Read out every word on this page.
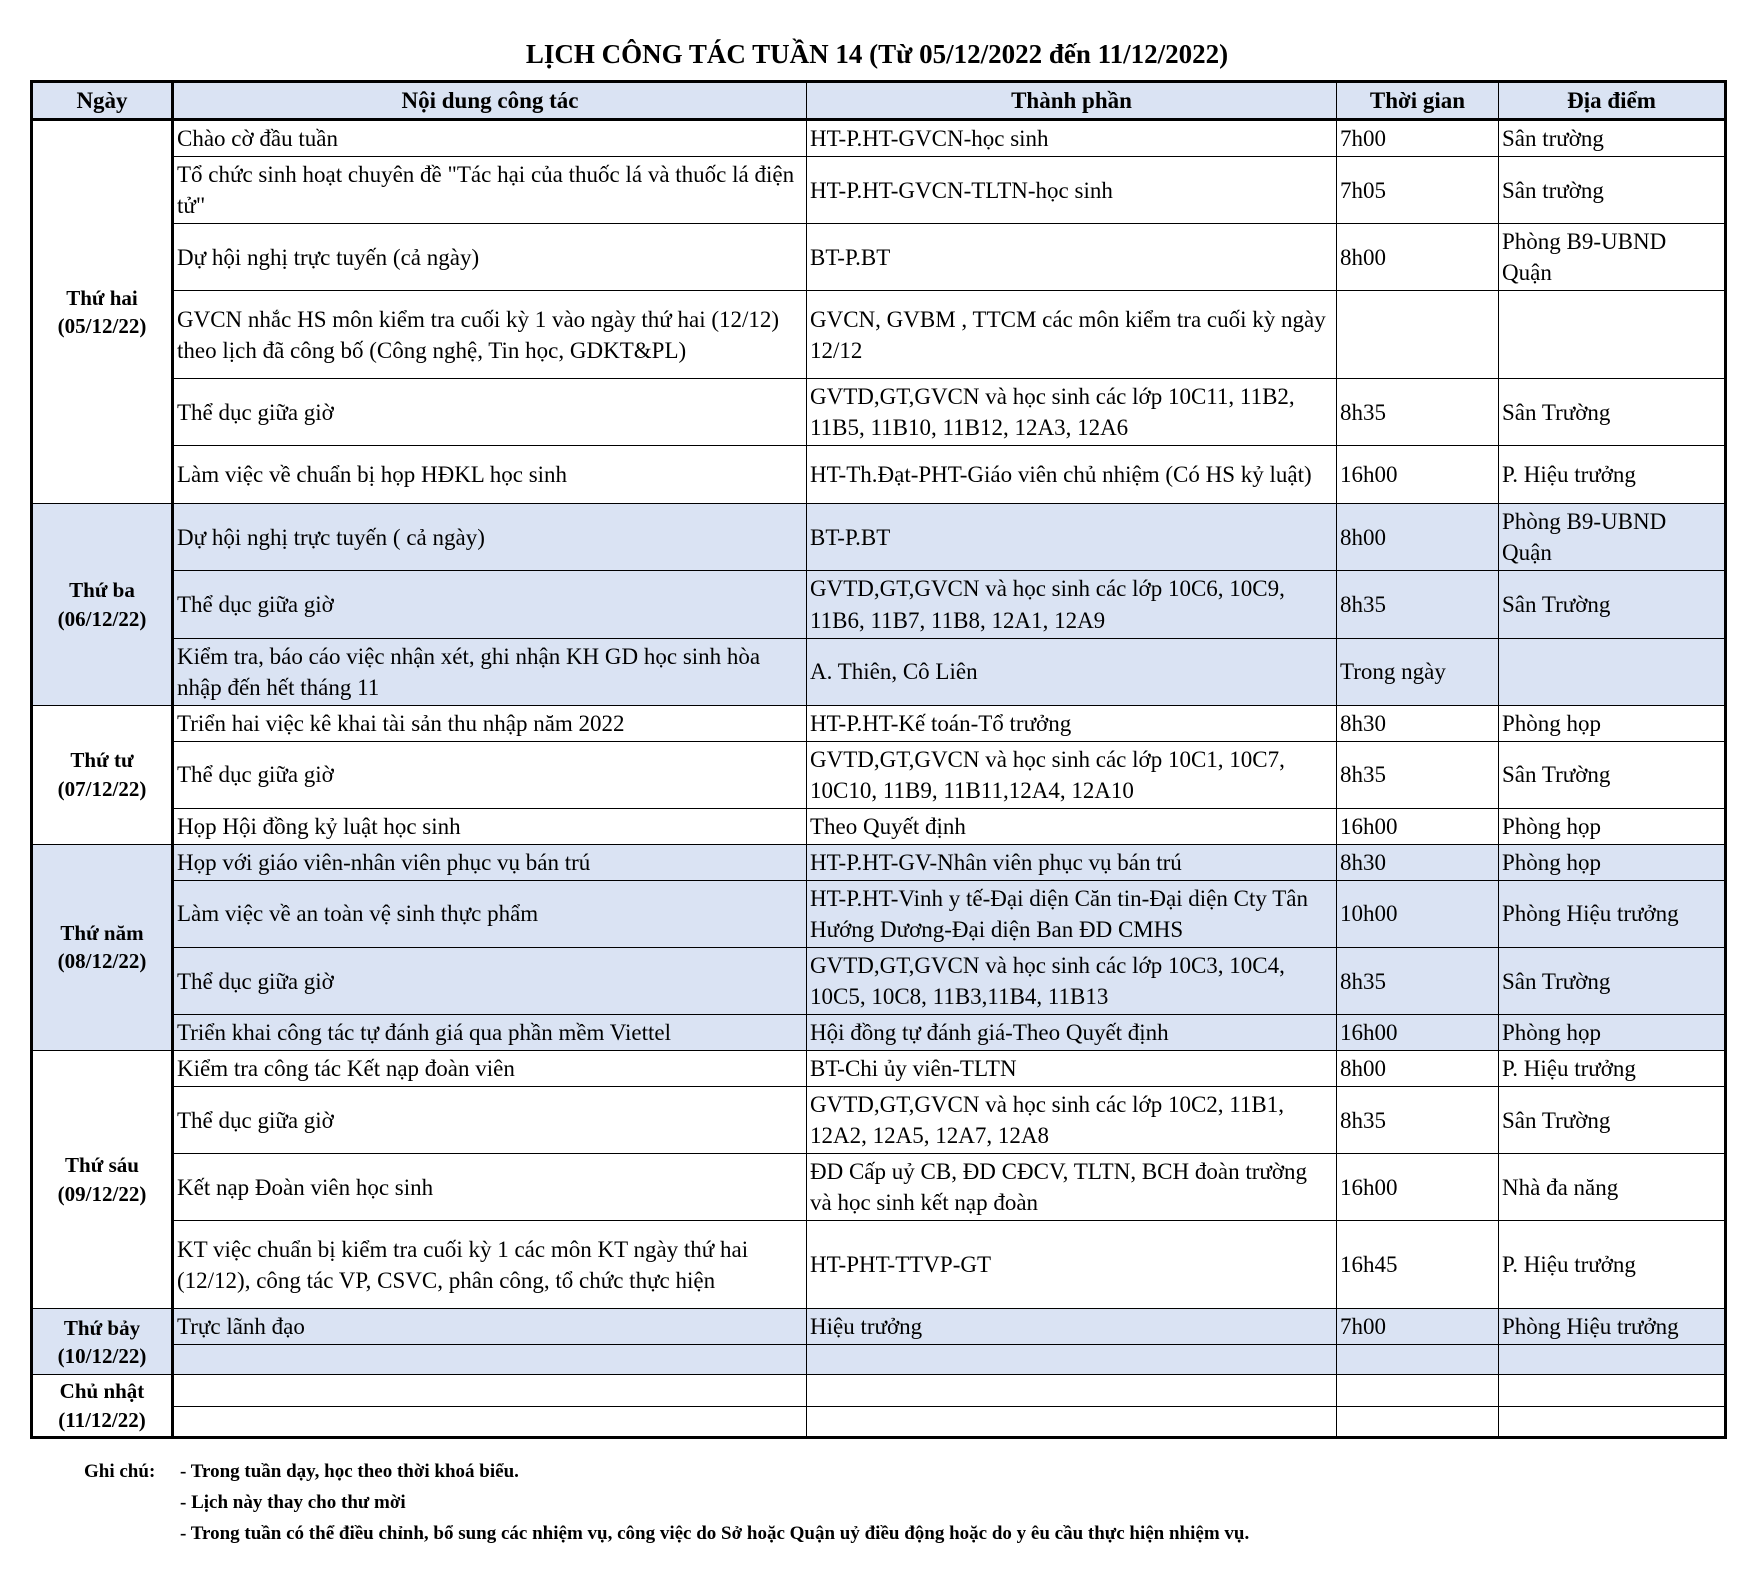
LỊCH CÔNG TÁC TUẦN 14 (Từ 05/12/2022 đến 11/12/2022)
Ngày	Nội dung công tác	Thành phần	Thời gian	Địa điểm

Thứ hai
(05/12/22)	Chào cờ đầu tuần	HT-P.HT-GVCN-học sinh	7h00	Sân trường
	Tổ chức sinh hoạt chuyên đề "Tác hại của thuốc lá và thuốc lá điện tử"	HT-P.HT-GVCN-TLTN-học sinh	7h05	Sân trường
	Dự hội nghị trực tuyến (cả ngày)	BT-P.BT	8h00	Phòng B9-UBND Quận
	GVCN nhắc HS môn kiểm tra cuối kỳ 1 vào ngày thứ hai (12/12) theo lịch đã công bố (Công nghệ, Tin học, GDKT&PL)	GVCN, GVBM , TTCM các môn kiểm tra cuối kỳ ngày 12/12		
	Thể dục giữa giờ	GVTD,GT,GVCN và học sinh các lớp 10C11, 11B2, 11B5, 11B10, 11B12, 12A3, 12A6	8h35	Sân Trường
	Làm việc về chuẩn bị họp HĐKL học sinh	HT-Th.Đạt-PHT-Giáo viên chủ nhiệm (Có HS kỷ luật)	16h00	P. Hiệu trưởng

Thứ ba
(06/12/22)	Dự hội nghị trực tuyến ( cả ngày)	BT-P.BT	8h00	Phòng B9-UBND Quận
	Thể dục giữa giờ	GVTD,GT,GVCN và học sinh các lớp 10C6, 10C9, 11B6, 11B7, 11B8, 12A1, 12A9	8h35	Sân Trường
	Kiểm tra, báo cáo việc nhận xét, ghi nhận KH GD học sinh hòa nhập đến hết tháng 11	A. Thiên, Cô Liên	Trong ngày	

Thứ tư
(07/12/22)	Triển hai việc kê khai tài sản thu nhập năm 2022	HT-P.HT-Kế toán-Tổ trưởng	8h30	Phòng họp
	Thể dục giữa giờ	GVTD,GT,GVCN và học sinh các lớp 10C1, 10C7, 10C10, 11B9, 11B11,12A4, 12A10	8h35	Sân Trường
	Họp Hội đồng kỷ luật học sinh	Theo Quyết định	16h00	Phòng họp

Thứ năm
(08/12/22)	Họp với giáo viên-nhân viên phục vụ bán trú	HT-P.HT-GV-Nhân viên phục vụ bán trú	8h30	Phòng họp
	Làm việc về an toàn vệ sinh thực phẩm	HT-P.HT-Vinh y tế-Đại diện Căn tin-Đại diện Cty Tân Hướng Dương-Đại diện Ban ĐD CMHS	10h00	Phòng Hiệu trưởng
	Thể dục giữa giờ	GVTD,GT,GVCN và học sinh các lớp 10C3, 10C4, 10C5, 10C8, 11B3,11B4, 11B13	8h35	Sân Trường
	Triển khai công tác tự đánh giá qua phần mềm Viettel	Hội đồng tự đánh giá-Theo Quyết định	16h00	Phòng họp

Thứ sáu
(09/12/22)	Kiểm tra công tác Kết nạp đoàn viên	BT-Chi ủy viên-TLTN	8h00	P. Hiệu trưởng
	Thể dục giữa giờ	GVTD,GT,GVCN và học sinh các lớp 10C2, 11B1, 12A2, 12A5, 12A7, 12A8	8h35	Sân Trường
	Kết nạp Đoàn viên học sinh	ĐD Cấp uỷ CB, ĐD CĐCV, TLTN, BCH đoàn trường và học sinh kết nạp đoàn	16h00	Nhà đa năng
	KT việc chuẩn bị kiểm tra cuối kỳ 1 các môn KT ngày thứ hai (12/12), công tác VP, CSVC, phân công, tổ chức thực hiện	HT-PHT-TTVP-GT	16h45	P. Hiệu trưởng

Thứ bảy
(10/12/22)	Trực lãnh đạo	Hiệu trưởng	7h00	Phòng Hiệu trưởng

Chủ nhật
(11/12/22)				

Ghi chú:	- Trong tuần dạy, học theo thời khoá biểu.
- Lịch này thay cho thư mời
- Trong tuần có thể điều chỉnh, bổ sung các nhiệm vụ, công việc do Sở hoặc Quận uỷ điều động hoặc do y êu cầu thực hiện nhiệm vụ.
